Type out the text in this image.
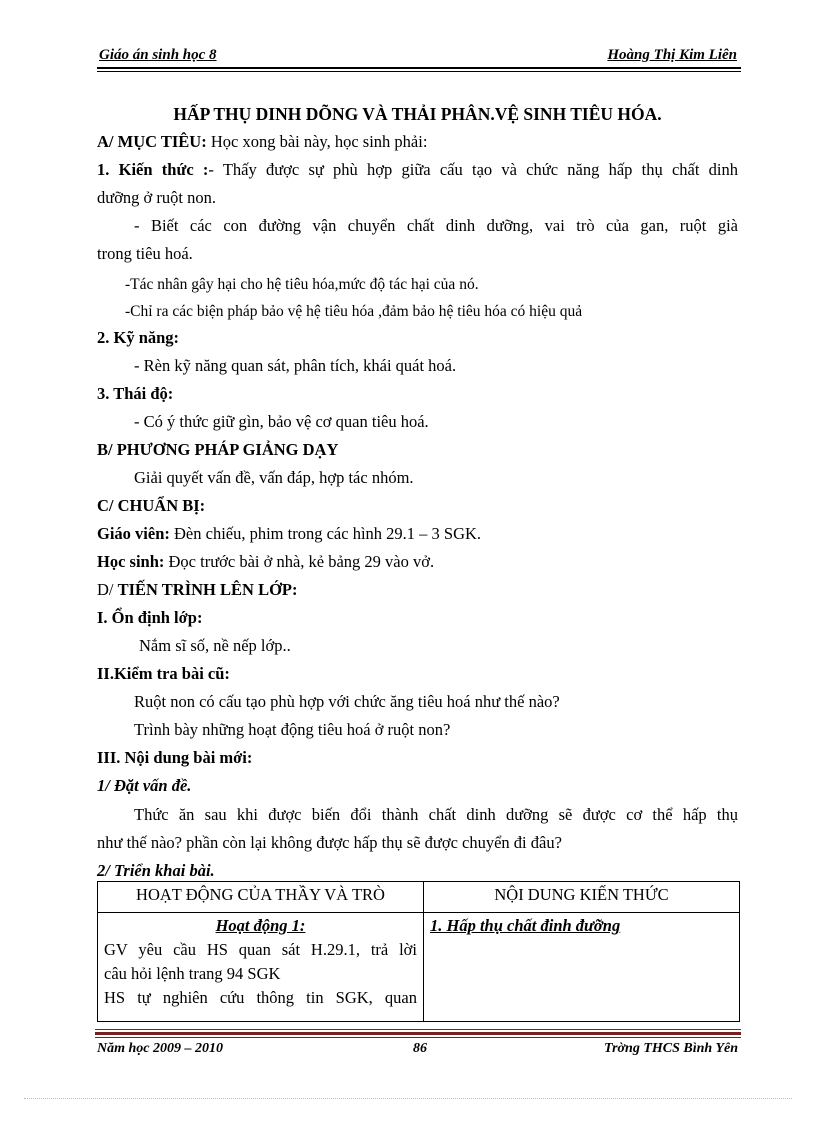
Giáo án sinh học 8	Hoàng Thị Kim Liên
HẤP THỤ DINH DÕNG VÀ THẢI PHÂN.VỆ SINH TIÊU HÓA.
A/ MỤC TIÊU: Học xong bài này, học sinh phải:
1. Kiến thức :- Thấy được sự phù hợp giữa cấu tạo và chức năng hấp thụ chất dinh
dưỡng ở ruột non.
- Biết các con đường vận chuyển chất dinh dưỡng, vai trò của gan, ruột già
trong tiêu hoá.
-Tác nhân gây hại cho hệ tiêu hóa,mức độ tác hại của nó.
-Chỉ ra các biện pháp bảo vệ hệ tiêu hóa ,đảm bảo hệ tiêu hóa có hiệu quả
2. Kỹ năng:
- Rèn kỹ năng quan sát, phân tích, khái quát hoá.
3. Thái độ:
- Có ý thức giữ gìn, bảo vệ cơ quan tiêu hoá.
B/ PHƯƠNG PHÁP GIẢNG DẠY
Giải quyết vấn đề, vấn đáp, hợp tác nhóm.
C/ CHUẨN BỊ:
Giáo viên: Đèn chiếu, phim trong các hình 29.1 – 3 SGK.
Học sinh: Đọc trước bài ở nhà, kẻ bảng 29 vào vở.
D/ TIẾN TRÌNH LÊN LỚP:
I. Ổn định lớp:
Nắm sĩ số, nề nếp lớp..
II.Kiểm tra bài cũ:
Ruột non có cấu tạo phù hợp với chức ăng tiêu hoá như thế nào?
Trình bày những hoạt động tiêu hoá ở ruột non?
III. Nội dung bài mới:
1/ Đặt vấn đề.
Thức ăn sau khi được biến đổi thành chất dinh dưỡng sẽ được cơ thể hấp thụ
như thế nào? phần còn lại không được hấp thụ sẽ được chuyển đi đâu?
2/ Triển khai bài.
HOẠT ĐỘNG CỦA THẦY VÀ TRÒ	NỘI DUNG KIẾN THỨC

Hoạt động 1:
GV yêu cầu HS quan sát H.29.1, trả lời
câu hỏi lệnh trang 94 SGK
HS tự nghiên cứu thông tin SGK, quan	1. Hấp thụ chất đinh đưỡng
Năm học 2009 – 2010	86	Trờng THCS Bình Yên
